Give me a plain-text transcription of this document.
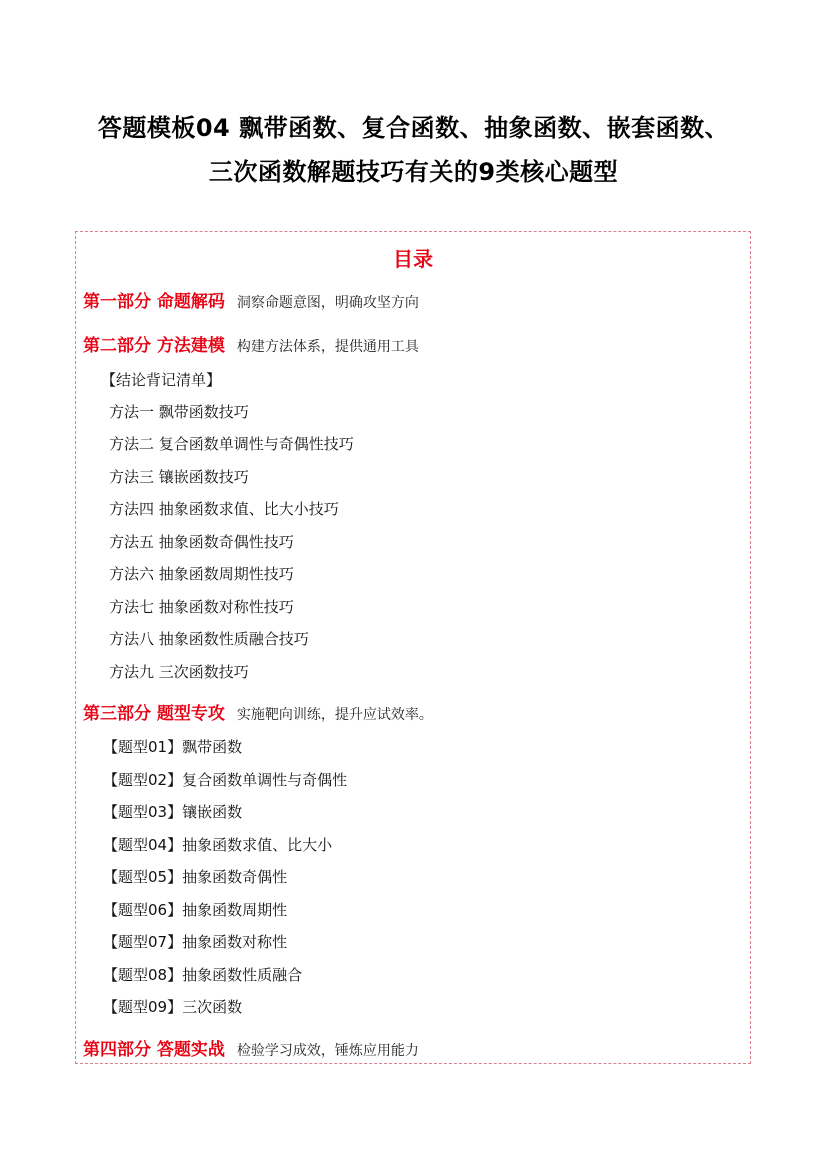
答题模板04 飘带函数、复合函数、抽象函数、嵌套函数、
三次函数解题技巧有关的9类核心题型
目录
第一部分 命题解码 洞察命题意图，明确攻坚方向
第二部分 方法建模 构建方法体系，提供通用工具
【结论背记清单】
方法一 飘带函数技巧
方法二 复合函数单调性与奇偶性技巧
方法三 镶嵌函数技巧
方法四 抽象函数求值、比大小技巧
方法五 抽象函数奇偶性技巧
方法六 抽象函数周期性技巧
方法七 抽象函数对称性技巧
方法八 抽象函数性质融合技巧
方法九 三次函数技巧
第三部分 题型专攻 实施靶向训练，提升应试效率。
【题型01】飘带函数
【题型02】复合函数单调性与奇偶性
【题型03】镶嵌函数
【题型04】抽象函数求值、比大小
【题型05】抽象函数奇偶性
【题型06】抽象函数周期性
【题型07】抽象函数对称性
【题型08】抽象函数性质融合
【题型09】三次函数
第四部分 答题实战 检验学习成效，锤炼应用能力
